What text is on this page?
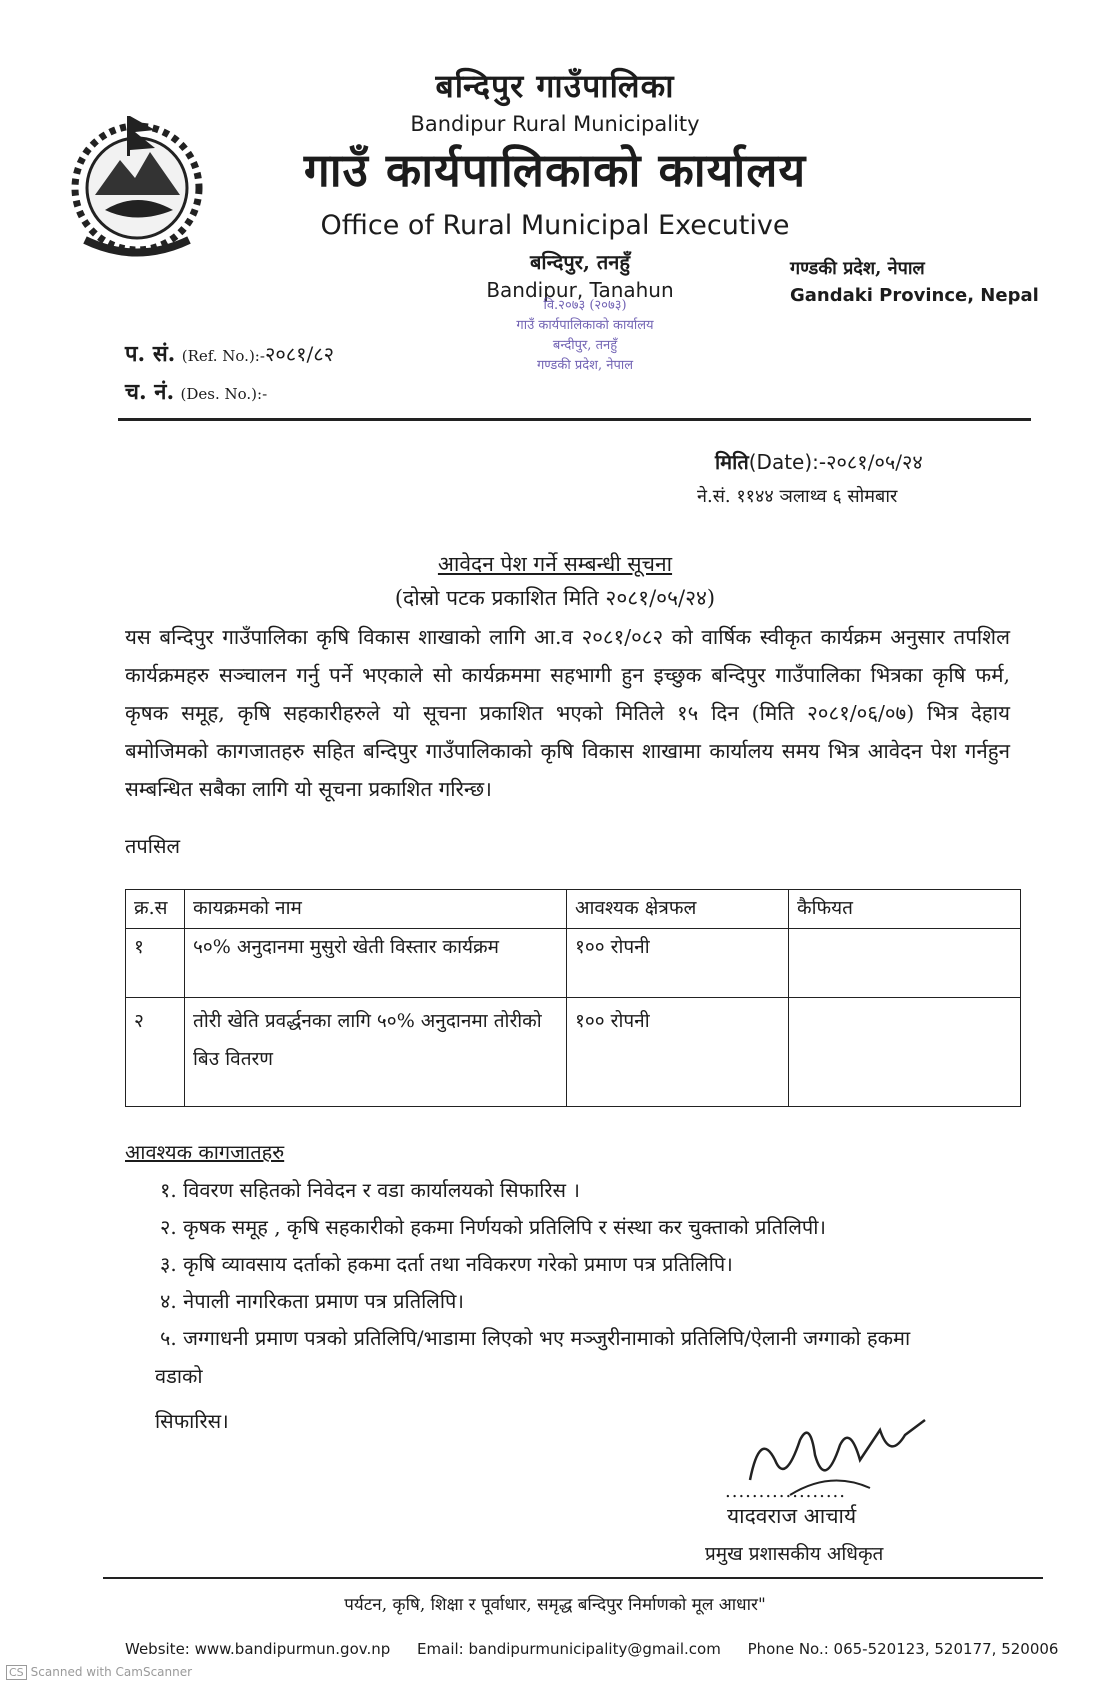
बन्दिपुर गाउँपालिका
Bandipur Rural Municipality
गाउँ कार्यपालिकाको कार्यालय
Office of Rural Municipal Executive
बन्दिपुर, तनहुँ
Bandipur, Tanahun
गण्डकी प्रदेश, नेपाल
Gandaki Province, Nepal
वि.२०७३ (२०७३)
गाउँ कार्यपालिकाको कार्यालय
बन्दीपुर, तनहुँ
गण्डकी प्रदेश, नेपाल
प. सं. (Ref. No.):-२०८१/८२
च. नं. (Des. No.):-
मिति(Date):-२०८१/०५/२४
ने.सं. ११४४ ञलाथ्व ६ सोमबार
आवेदन पेश गर्ने सम्बन्धी सूचना
(दोस्रो पटक प्रकाशित मिति २०८१/०५/२४)
यस बन्दिपुर गाउँपालिका कृषि विकास शाखाको लागि आ.व २०८१/०८२ को वार्षिक स्वीकृत कार्यक्रम अनुसार तपशिल कार्यक्रमहरु सञ्चालन गर्नु पर्ने भएकाले सो कार्यक्रममा सहभागी हुन इच्छुक बन्दिपुर गाउँपालिका भित्रका कृषि फर्म, कृषक समूह, कृषि सहकारीहरुले यो सूचना प्रकाशित भएको मितिले १५ दिन (मिति २०८१/०६/०७) भित्र देहाय बमोजिमको कागजातहरु सहित बन्दिपुर गाउँपालिकाको कृषि विकास शाखामा कार्यालय समय भित्र आवेदन पेश गर्नहुन सम्बन्धित सबैका लागि यो सूचना प्रकाशित गरिन्छ।
तपसिल
क्र.स	कायक्रमको नाम	आवश्यक क्षेत्रफल	कैफियत
१	५०% अनुदानमा मुसुरो खेती विस्तार कार्यक्रम	१०० रोपनी	
२	तोरी खेति प्रवर्द्धनका लागि ५०% अनुदानमा तोरीको बिउ वितरण	१०० रोपनी	
आवश्यक कागजातहरु
१. विवरण सहितको निवेदन र वडा कार्यालयको सिफारिस ।
२. कृषक समूह , कृषि सहकारीको हकमा निर्णयको प्रतिलिपि र संस्था कर चुक्ताको प्रतिलिपी।
३. कृषि व्यावसाय दर्ताको हकमा दर्ता तथा नविकरण गरेको प्रमाण पत्र प्रतिलिपि।
४. नेपाली नागरिकता प्रमाण पत्र प्रतिलिपि।
५. जग्गाधनी प्रमाण पत्रको प्रतिलिपि/भाडामा लिएको भए मञ्जुरीनामाको प्रतिलिपि/ऐलानी जग्गाको हकमा
वडाको
सिफारिस।
..................
यादवराज आचार्य
प्रमुख प्रशासकीय अधिकृत
पर्यटन, कृषि, शिक्षा र पूर्वाधार, समृद्ध बन्दिपुर निर्माणको मूल आधार"
Website: www.bandipurmun.gov.np Email: bandipurmunicipality@gmail.com Phone No.: 065-520123, 520177, 520006
CS Scanned with CamScanner
